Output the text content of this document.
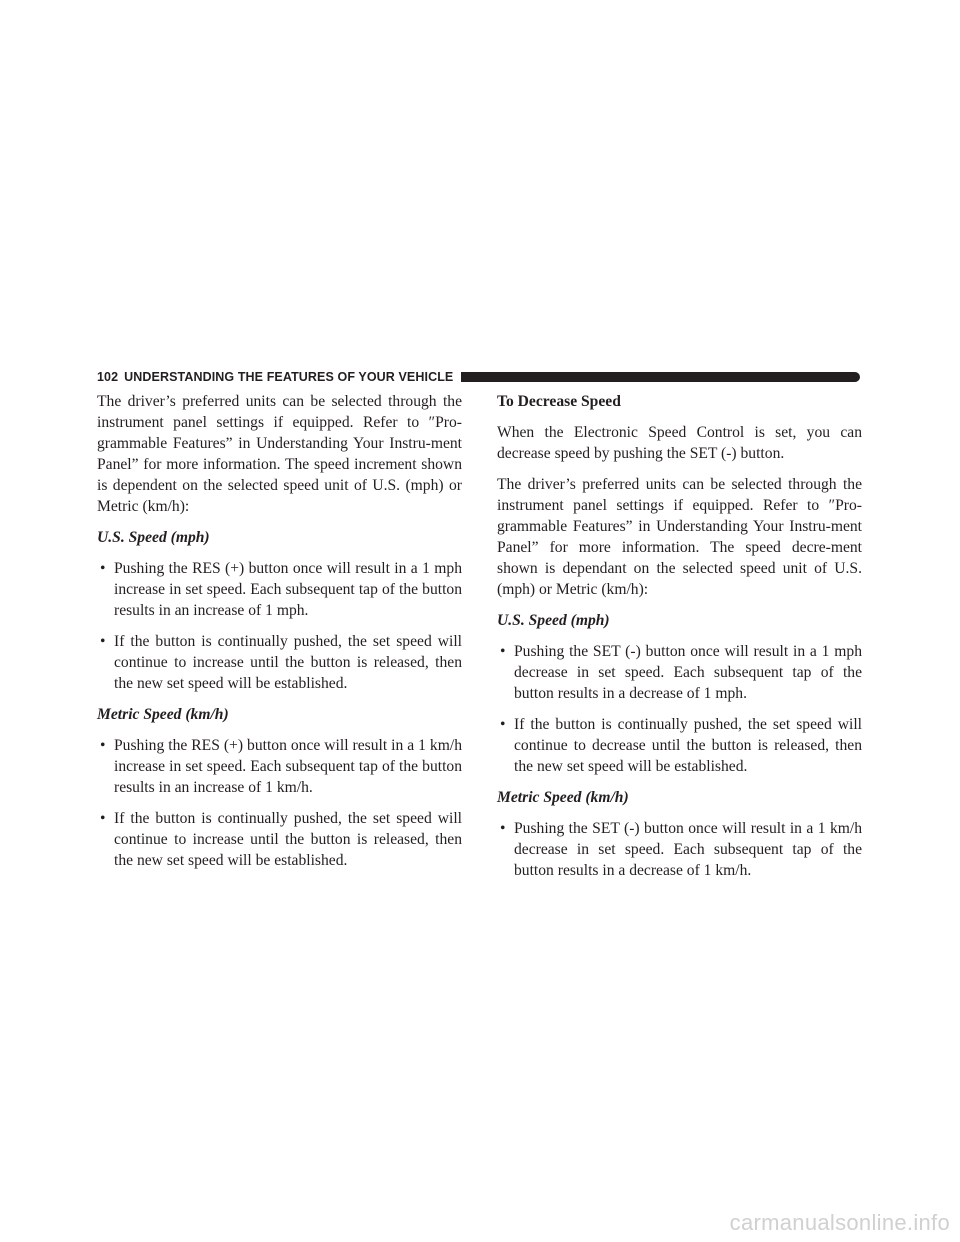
102 UNDERSTANDING THE FEATURES OF YOUR VEHICLE

The driver’s preferred units can be selected through the instrument panel settings if equipped. Refer to ″Pro-grammable Features” in Understanding Your Instru-ment Panel” for more information. The speed increment shown is dependent on the selected speed unit of U.S. (mph) or Metric (km/h):

U.S. Speed (mph)
• Pushing the RES (+) button once will result in a 1 mph increase in set speed. Each subsequent tap of the button results in an increase of 1 mph.
• If the button is continually pushed, the set speed will continue to increase until the button is released, then the new set speed will be established.
Metric Speed (km/h)
• Pushing the RES (+) button once will result in a 1 km/h increase in set speed. Each subsequent tap of the button results in an increase of 1 km/h.
• If the button is continually pushed, the set speed will continue to increase until the button is released, then the new set speed will be established.
To Decrease Speed

When the Electronic Speed Control is set, you can decrease speed by pushing the SET (-) button.

The driver’s preferred units can be selected through the instrument panel settings if equipped. Refer to ″Pro-grammable Features” in Understanding Your Instru-ment Panel” for more information. The speed decre-ment shown is dependant on the selected speed unit of U.S. (mph) or Metric (km/h):

U.S. Speed (mph)
• Pushing the SET (-) button once will result in a 1 mph decrease in set speed. Each subsequent tap of the button results in a decrease of 1 mph.
• If the button is continually pushed, the set speed will continue to decrease until the button is released, then the new set speed will be established.
Metric Speed (km/h)
• Pushing the SET (-) button once will result in a 1 km/h decrease in set speed. Each subsequent tap of the button results in a decrease of 1 km/h.
carmanualsonline.info
